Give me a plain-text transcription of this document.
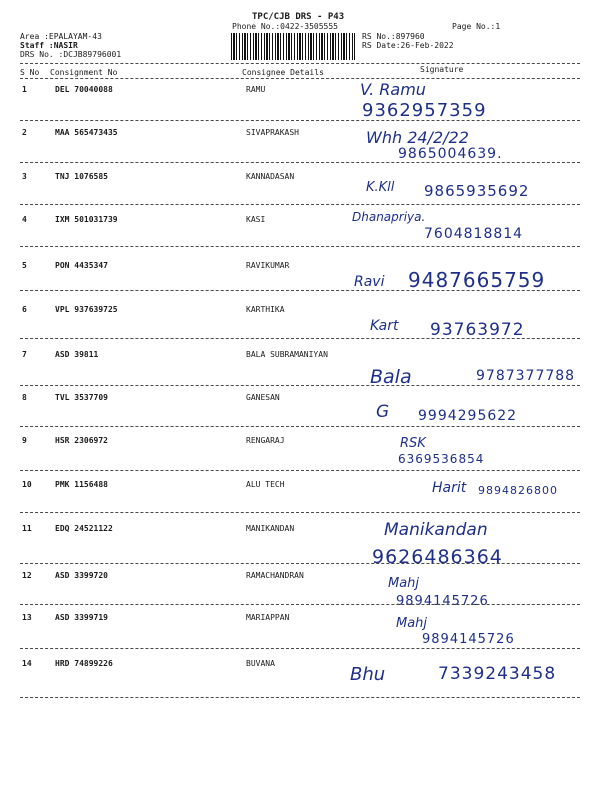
TPC/CJB DRS - P43
Phone No.:0422-3505555	Page No.:1
Area :EPALAYAM-43
Staff :NASIR
DRS No. :DCJB89796001
RS No.:897960
RS Date:26-Feb-2022
S No Consignment No	Consignee Details	Signature
1	DEL 70040088	RAMU	V. Ramu
9362957359
2	MAA 565473435	SIVAPRAKASH	Whh 24/2/22
9865004639.
3	TNJ 1076585	KANNADASAN
K.Kll 9865935692
4	IXM 501031739	KASI	Dhanapriya.
7604818814
5	PON 4435347	RAVIKUMAR
Ravi 9487665759
6	VPL 937639725	KARTHIKA
Kart 93763972
7	ASD 39811	BALA SUBRAMANIYAN
Bala	9787377788
8	TVL 3537709	GANESAN
G 9994295622
9	HSR 2306972	RENGARAJ	RSK
6369536854
10	PMK 1156488	ALU TECH	Harit 9894826800
11	EDQ 24521122	MANIKANDAN	Manikandan
9626486364
12	ASD 3399720	RAMACHANDRAN
Mahj
9894145726
13	ASD 3399719	MARIAPPAN	Mahj
9894145726
14	HRD 74899226	BUVANA
Bhu	7339243458
